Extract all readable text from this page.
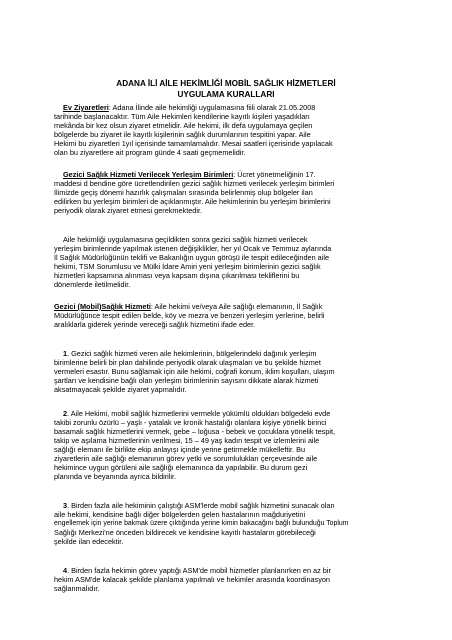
ADANA İLİ AİLE HEKİMLİĞİ MOBİL SAĞLIK HİZMETLERİ
UYGULAMA KURALLARI
Ev Ziyaretleri: Adana İlinde aile hekimliği uygulamasına fiili olarak 21.05.2008
tarihinde başlanacaktır. Tüm Aile Hekimleri kendilerine kayıtlı kişileri yaşadıkları
mekânda bir kez olsun ziyaret etmelidir. Aile hekimi, ilk defa uygulamaya geçilen
bölgelerde bu ziyaret ile kayıtlı kişilerinin sağlık durumlarının tespitini yapar. Aile
Hekimi bu ziyaretleri 1yıl içerisinde tamamlamalıdır. Mesai saatleri içerisinde yapılacak
olan bu ziyaretlere ait program günde 4 saati geçmemelidir.
Gezici Sağlık Hizmeti Verilecek Yerleşim Birimleri: Ücret yönetmeliğinin 17.
maddesi d bendine göre ücretlendirilen gezici sağlık hizmeti verilecek yerleşim birimleri
İlimizde geçiş dönemi hazırlık çalışmaları sırasında belirlenmiş olup bölgeler ilan
edilirken bu yerleşim birimleri de açıklanmıştır. Aile hekimlerinin bu yerleşim birimlerini
periyodik olarak ziyaret etmesi gerekmektedir.
Aile hekimliği uygulamasına geçildikten sonra gezici sağlık hizmeti verilecek
yerleşim birimlerinde yapılmak istenen değişiklikler, her yıl Ocak ve Temmuz aylarında
İl Sağlık Müdürlüğünün teklifi ve Bakanlığın uygun görüşü ile tespit edileceğinden aile
hekimi, TSM Sorumlusu ve Mülki İdare Amiri yeni yerleşim birimlerinin gezici sağlık
hizmetleri kapsamına alınması veya kapsam dışına çıkarılması tekliflerini bu
dönemlerde iletilmelidir.
Gezici (Mobil)Sağlık Hizmeti: Aile hekimi ve/veya Aile sağlığı elemanının, İl Sağlık
Müdürlüğünce tespit edilen belde, köy ve mezra ve benzeri yerleşim yerlerine, belirli
aralıklarla giderek yerinde vereceği sağlık hizmetini ifade eder.
1. Gezici sağlık hizmeti veren aile hekimlerinin, bölgelerindeki dağınık yerleşim
birimlerine belirli bir plan dahilinde periyodik olarak ulaşmaları ve bu şekilde hizmet
vermeleri esastır. Bunu sağlamak için aile hekimi, coğrafi konum, iklim koşulları, ulaşım
şartları ve kendisine bağlı olan yerleşim birimlerinin sayısını dikkate alarak hizmeti
aksatmayacak şekilde ziyaret yapmalıdır.
2. Aile Hekimi, mobil sağlık hizmetlerini vermekle yükümlü oldukları bölgedeki evde
takibi zorunlu özürlü – yaşlı - yatalak ve kronik hastalığı olanlara kişiye yönelik birinci
basamak sağlık hizmetlerini vermek, gebe – loğusa - bebek ve çocuklara yönelik tespit,
takip ve aşılama hizmetlerinin verilmesi, 15 – 49 yaş kadın tespit ve izlemlerini aile
sağlığı elemanı ile birlikte ekip anlayışı içinde yerine getirmekle mükelleftir. Bu
ziyaretlerin aile sağlığı elemanının görev yetki ve sorumlulukları çerçevesinde aile
hekimince uygun görüleni aile sağlığı elemanınca da yapılabilir. Bu durum gezi
planında ve beyanında ayrıca bildirilir.
3. Birden fazla aile hekiminin çalıştığı ASM'lerde mobil sağlık hizmetini sunacak olan
aile hekimi, kendisine bağlı diğer bölgelerden gelen hastalarının mağduriyetini
engellemek için yerine bakmak üzere çıktığında yerine kimin bakacağını bağlı bulunduğu Toplum
Sağlığı Merkezi'ne önceden bildirecek ve kendisine kayıtlı hastaların görebileceği
şekilde ilan edecektir.
4. Birden fazla hekimin görev yaptığı ASM'de mobil hizmetler planlanırken en az bir
hekim ASM'de kalacak şekilde planlama yapılmalı ve hekimler arasında koordinasyon
sağlanmalıdır.
